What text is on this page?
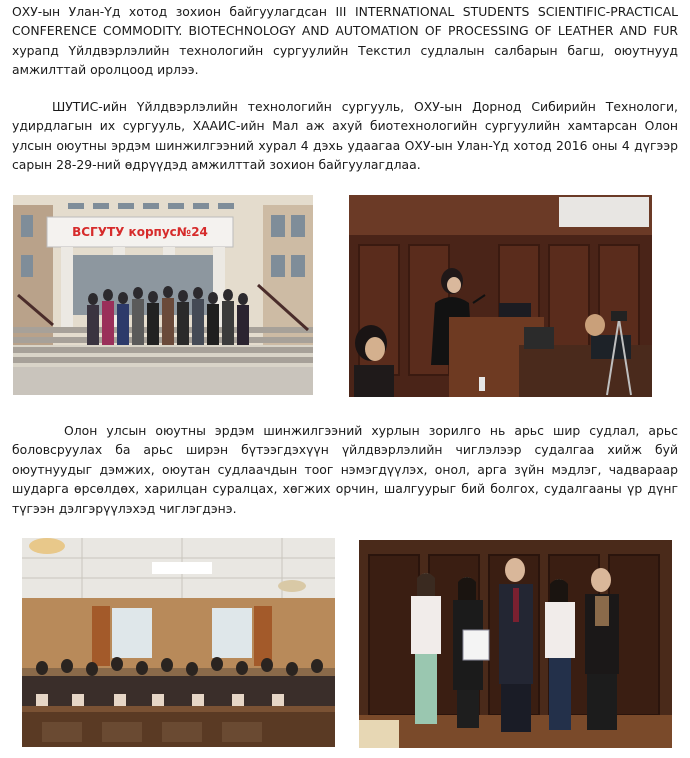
ОХУ-ын Улан-Үд хотод зохион байгуулагдсан III INTERNATIONAL STUDENTS SCIENTIFIC-PRACTICAL CONFERENCE COMMODITY. BIOTECHNOLOGY AND AUTOMATION OF PROCESSING OF LEATHER AND FUR хурапд Үйлдвэрлэлийн технологийн сургуулийн Текстил судлалын салбарын багш, оюутнууд амжилттай оролцоод ирлээ.

ШУТИС-ийн Үйлдвэрлэлийн технологийн сургууль, ОХУ-ын Дорнод Сибирийн Технологи, удирдлагын их сургууль, ХААИС-ийн Мал аж ахуй биотехнологийн сургуулийн хамтарсан Олон улсын оюутны эрдэм шинжилгээний хурал 4 дэхь удаагаа ОХУ-ын Улан-Үд хотод 2016 оны 4 дүгээр сарын 28-29-ний өдрүүдэд амжилттай зохион байгуулагдлаа.

ВСГУТУ корпус№24

Олон улсын оюутны эрдэм шинжилгээний хурлын зорилго нь арьс шир судлал, арьс боловсруулах ба арьс ширэн бүтээгдэхүүн үйлдвэрлэлийн чиглэлээр судалгаа хийж буй оюутнуудыг дэмжих, оюутан судлаачдын тоог нэмэгдүүлэх, онол, арга зүйн мэдлэг, чадвараар шударга өрсөлдөх, харилцан суралцах, хөгжих орчин, шалгуурыг бий болгох, судалгааны үр дүнг түгээн дэлгэрүүлэхэд чиглэгдэнэ.
